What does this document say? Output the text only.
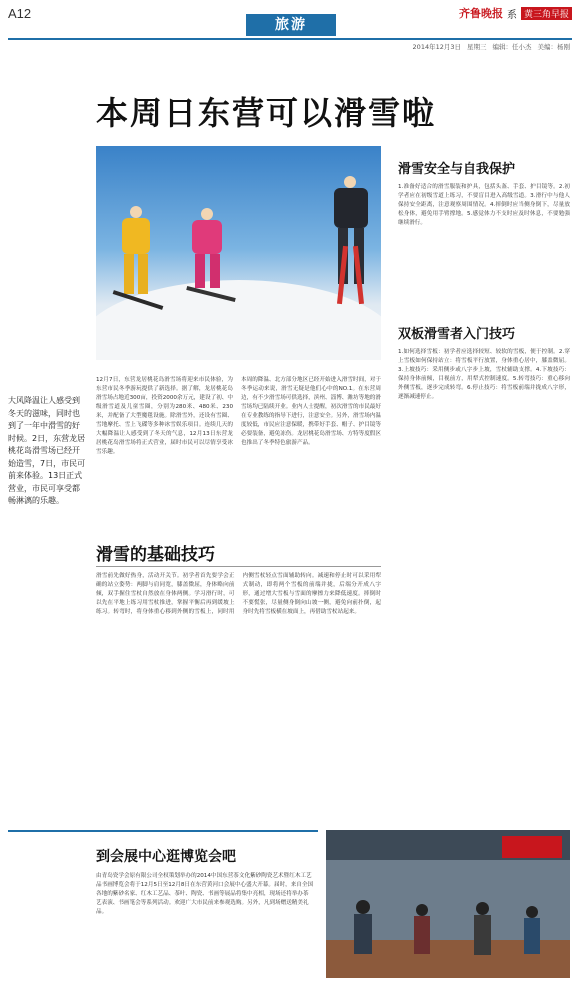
A12
旅游
齐鲁晚报 系 黄三角早报
2014年12月3日 星期三 编辑：任小杰 美编：杨刚
本周日东营可以滑雪啦
大风降温让人感受到冬天的滋味，同时也到了一年中滑雪的好时候。2日，东营龙居桃花岛滑雪场已经开始造雪，7日，市民可前来体验。13日正式营业，市民可享受都畅淋漓的乐趣。
12月7日，东营龙居桃花岛滑雪场将迎来市民体验，为东营市民冬季游玩提供了新选择。据了解，龙居桃花岛滑雪场占地近300亩，投资2000余万元，建设了初、中级滑雪道及儿童雪圈，分别为280米、480米、230米，并配备了大型魔毯设施。除滑雪外，还设有雪圈、雪地摩托、雪上飞碟等多种冰雪娱乐项目。连续几天的大幅降温让人感受到了冬天的气息，12月13日东营龙居桃花岛滑雪场将正式营业，届时市民可以尽情享受冰雪乐趣。
本周的降温、北方部分地区已经开始进入滑雪时间，对于冬季运动来说，滑雪无疑是他们心中的NO.1。在东营周边，有不少滑雪场可供选择，滨州、淄博、潍坊等地的滑雪场均已陆续开业。业内人士提醒，初次滑雪的市民最好在专业教练的指导下进行，注意安全。另外，滑雪场内温度较低，市民应注意保暖，携带好手套、帽子、护目镜等必要装备，避免冻伤。龙居桃花岛滑雪场、方特等度假区也推出了冬季特色旅游产品。
滑雪的基础技巧
滑雪前先做好热身，活动开关节。初学者首先要学会正确的站立姿势：两脚与肩同宽，膝盖微屈，身体略向前倾，双手握住雪杖自然放在身体两侧。学习滑行时，可以先在平地上练习用雪杖推进，掌握平衡后再到缓坡上练习。转弯时，将身体重心移到外侧的雪板上，同时用内侧雪杖轻点雪面辅助转向。减速和停止时可以采用犁式制动，即将两个雪板的前端并拢，后端分开成八字形，通过增大雪板与雪面的摩擦力来降低速度。摔倒时不要慌张，尽量侧身倒向山坡一侧，避免向前扑倒，起身时先将雪板横在坡面上，再借助雪杖站起来。
滑雪安全与自我保护
1.准备好适合的滑雪服装和护具，包括头盔、手套、护目镜等。2.初学者应在初级雪道上练习，不要盲目进入高级雪道。3.滑行中与他人保持安全距离，注意观察周围情况。4.摔倒时应当侧身倒下，尽量放松身体，避免用手臂撑地。5.感觉体力不支时应及时休息，不要勉强继续滑行。
双板滑雪者入门技巧
1.如何选择雪板：初学者应选择较短、较软的雪板，便于控制。2.穿上雪板如何保持站立：将雪板平行放置，身体重心居中，膝盖微屈。3.上坡技巧：采用侧步或八字步上坡，雪杖辅助支撑。4.下坡技巧：保持身体前倾，目视前方，用犁式控制速度。5.转弯技巧：重心移向外侧雪板，逐步完成转弯。6.停止技巧：将雪板前端并拢成八字形，逐渐减速停止。
到会展中心逛博览会吧
由青岛瓷学会原有限公司全权策划举办的2014中国东营茶文化紫砂陶瓷艺术暨红木工艺品书画博览会将于12月5日至12月8日在东营黄河口会展中心盛大开幕。届时，来自全国各地的紫砂名家、红木工艺品、茶叶、陶瓷、书画等展品将集中亮相，现场还将举办茶艺表演、书画笔会等系列活动。欢迎广大市民前来参观选购。另外，凡到场赠送精美礼品。
